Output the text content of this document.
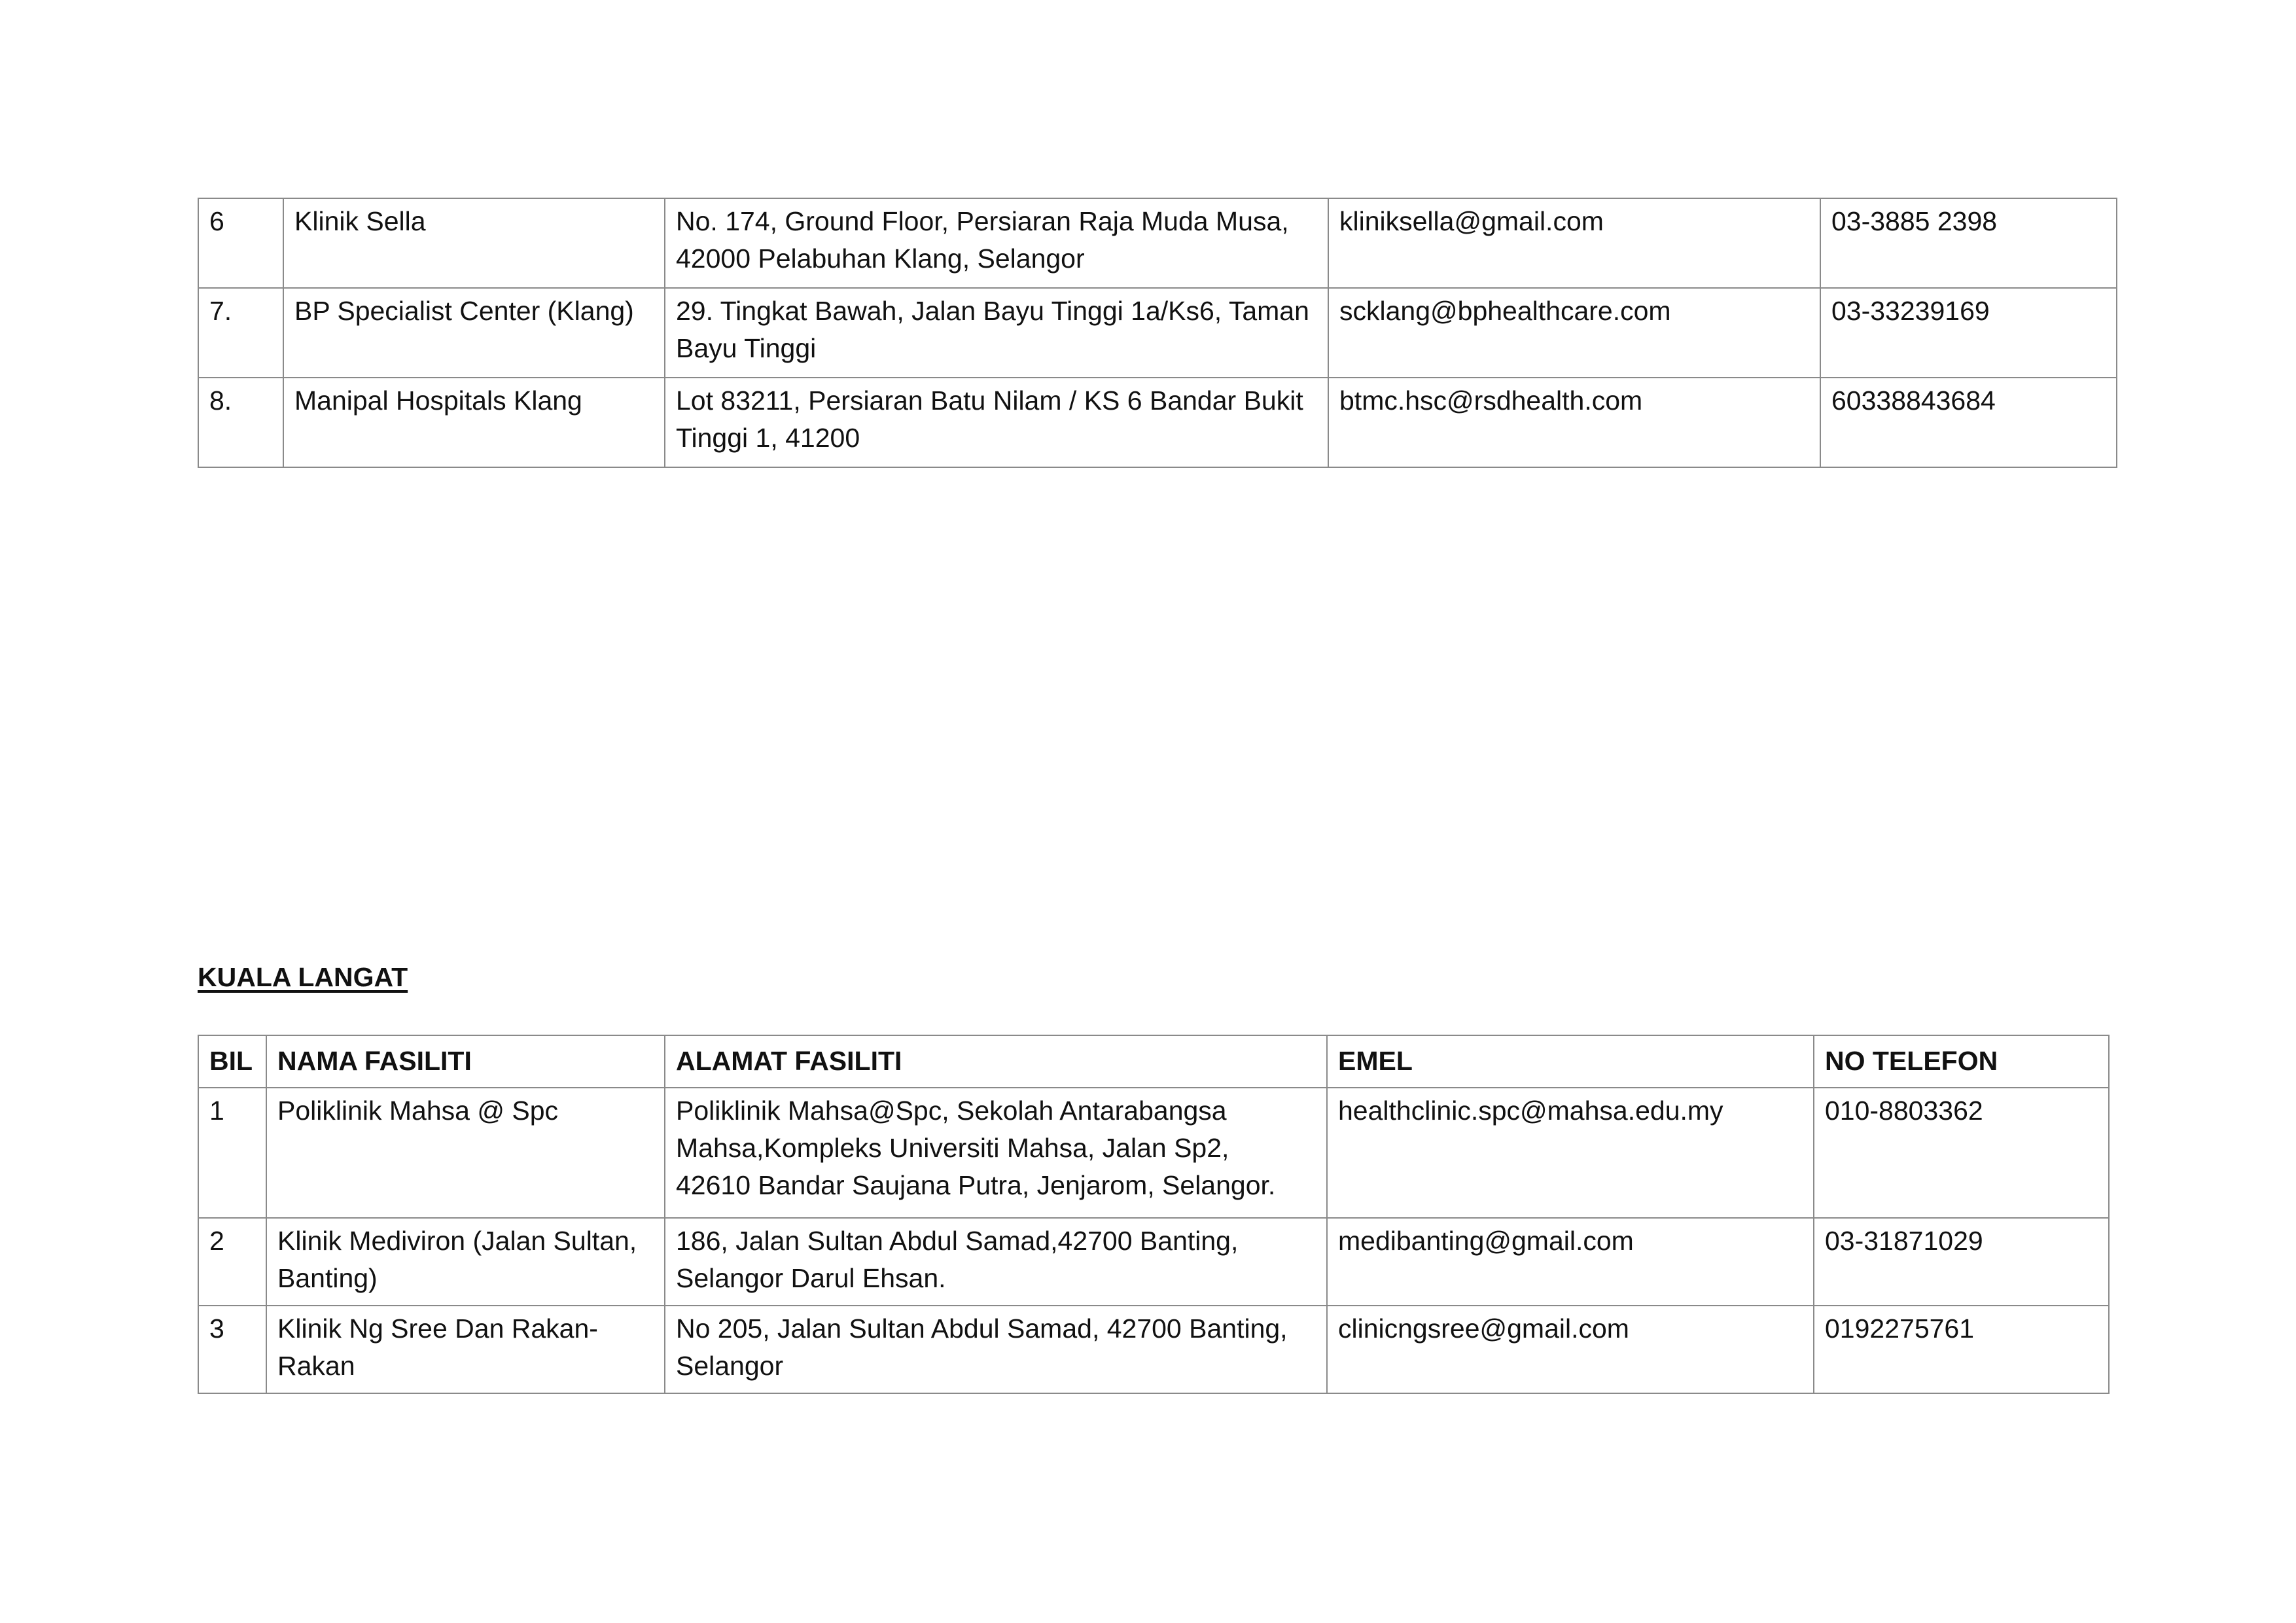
6	Klinik Sella	No. 174, Ground Floor, Persiaran Raja Muda Musa,
42000 Pelabuhan Klang, Selangor	kliniksella@gmail.com	03-3885 2398
7.	BP Specialist Center (Klang)	29. Tingkat Bawah, Jalan Bayu Tinggi 1a/Ks6, Taman
Bayu Tinggi	scklang@bphealthcare.com	03-33239169
8.	Manipal Hospitals Klang	Lot 83211, Persiaran Batu Nilam / KS 6 Bandar Bukit
Tinggi 1, 41200	btmc.hsc@rsdhealth.com	60338843684
KUALA LANGAT
BIL	NAMA FASILITI	ALAMAT FASILITI	EMEL	NO TELEFON
1	Poliklinik Mahsa @ Spc	Poliklinik Mahsa@Spc, Sekolah Antarabangsa
Mahsa,Kompleks Universiti Mahsa, Jalan Sp2,
42610 Bandar Saujana Putra, Jenjarom, Selangor.	healthclinic.spc@mahsa.edu.my	010-8803362
2	Klinik Mediviron (Jalan Sultan,
Banting)	186, Jalan Sultan Abdul Samad,42700 Banting,
Selangor Darul Ehsan.	medibanting@gmail.com	03-31871029
3	Klinik Ng Sree Dan Rakan-
Rakan	No 205, Jalan Sultan Abdul Samad, 42700 Banting,
Selangor	clinicngsree@gmail.com	0192275761
